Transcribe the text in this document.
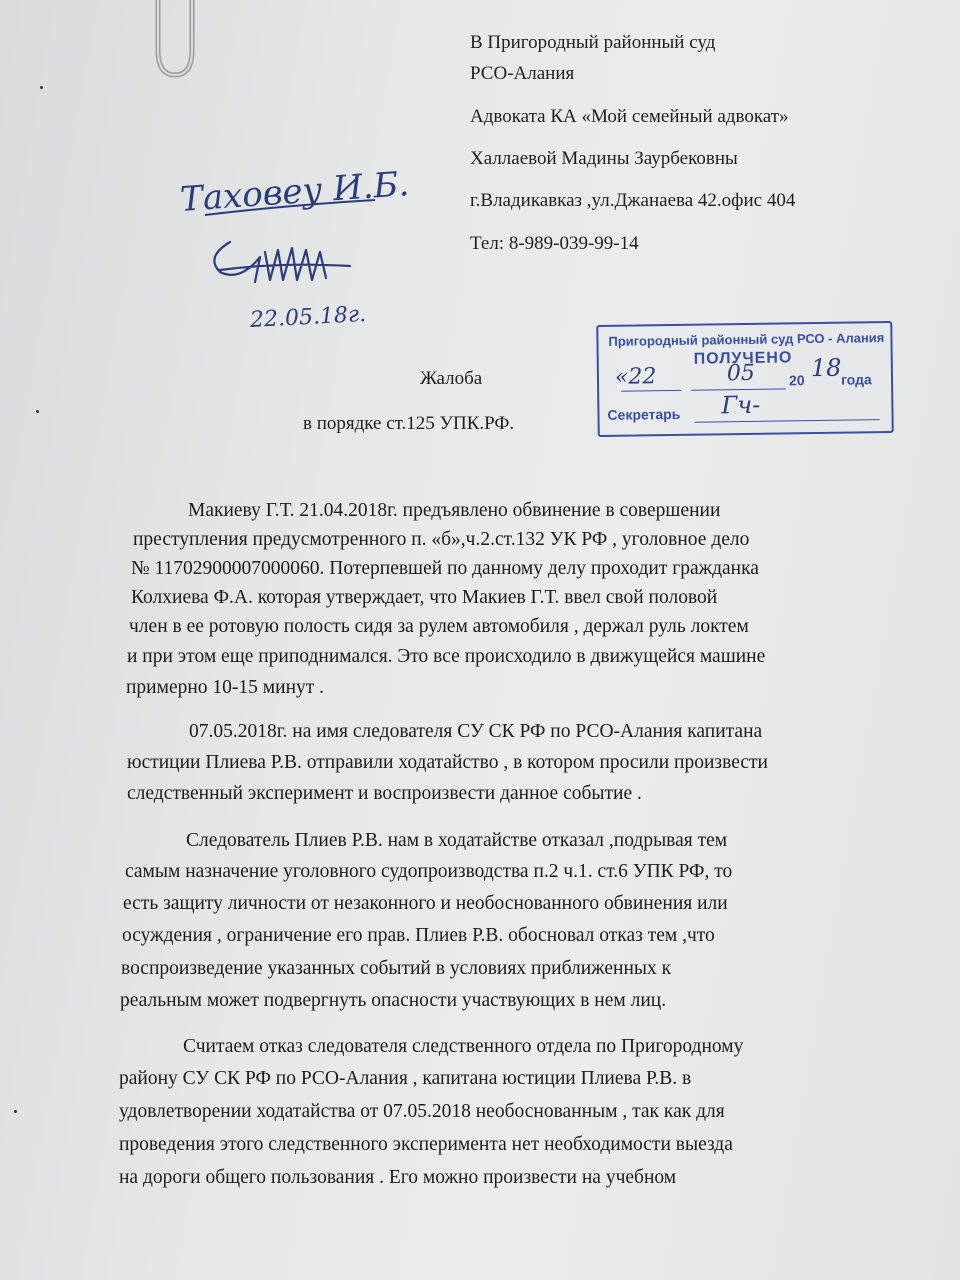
В Пригородный районный суд
РСО-Алания
Адвоката КА «Мой семейный адвокат»
Халлаевой Мадины Заурбековны
г.Владикавказ ,ул.Джанаева 42.офис 404
Тел: 8-989-039-99-14
Таховеу И.Б.
22.05.18г.
Пригородный районный суд РСО - Алания
ПОЛУЧЕНО
«22	05 20 18 года
Секретарь Гч-
Жалоба
в порядке ст.125 УПК.РФ.
Макиеву Г.Т. 21.04.2018г. предъявлено обвинение в совершении
преступления предусмотренного п. «б»,ч.2.ст.132 УК РФ , уголовное дело
№ 11702900007000060. Потерпевшей по данному делу проходит гражданка
Колхиева Ф.А. которая утверждает, что Макиев Г.Т. ввел свой половой
член в ее ротовую полость сидя за рулем автомобиля , держал руль локтем
и при этом еще приподнимался. Это все происходило в движущейся машине
примерно 10-15 минут .
07.05.2018г. на имя следователя СУ СК РФ по РСО-Алания капитана
юстиции Плиева Р.В. отправили ходатайство , в котором просили произвести
следственный эксперимент и воспроизвести данное событие .
Следователь Плиев Р.В. нам в ходатайстве отказал ,подрывая тем
самым назначение уголовного судопроизводства п.2 ч.1. ст.6 УПК РФ, то
есть защиту личности от незаконного и необоснованного обвинения или
осуждения , ограничение его прав. Плиев Р.В. обосновал отказ тем ,что
воспроизведение указанных событий в условиях приближенных к
реальным может подвергнуть опасности участвующих в нем лиц.
Считаем отказ следователя следственного отдела по Пригородному
району СУ СК РФ по РСО-Алания , капитана юстиции Плиева Р.В. в
удовлетворении ходатайства от 07.05.2018 необоснованным , так как для
проведения этого следственного эксперимента нет необходимости выезда
на дороги общего пользования . Его можно произвести на учебном
